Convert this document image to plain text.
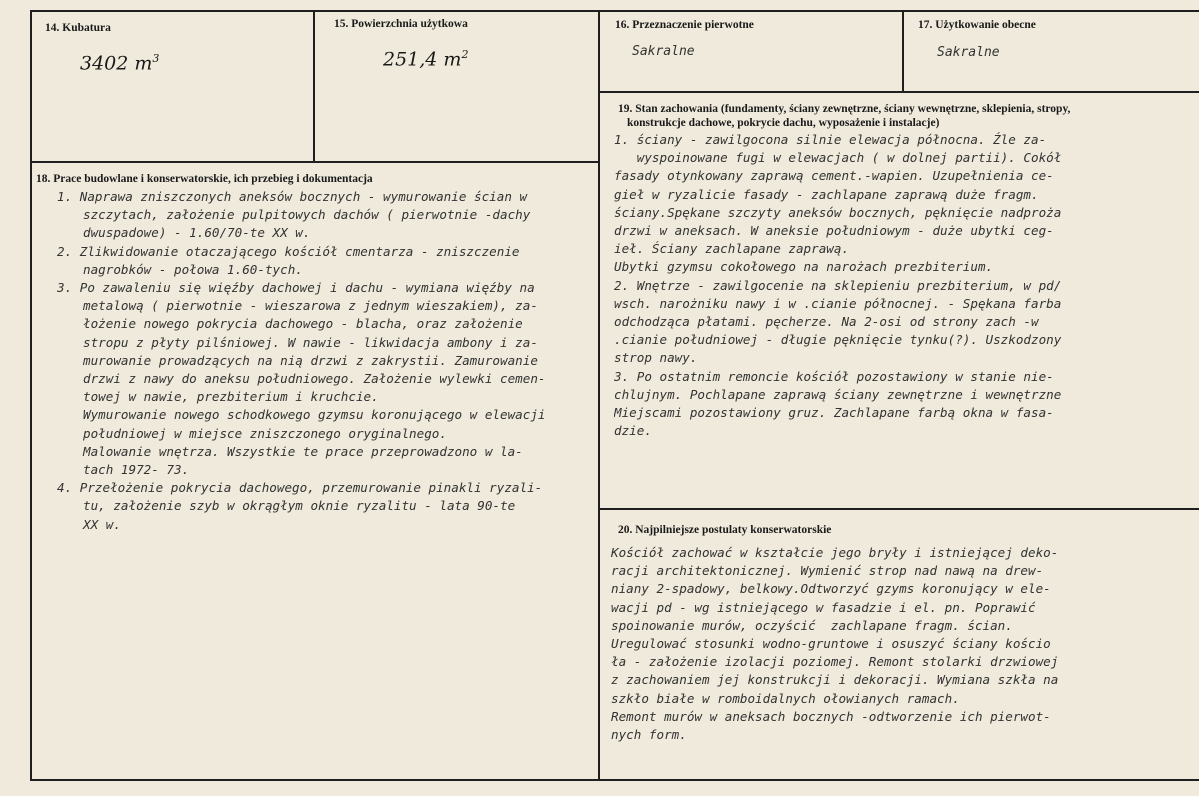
14. Kubatura
3402 $m^3$
15. Powierzchnia użytkowa
251,4 $m^2$
16. Przeznaczenie pierwotne
Sakralne
17. Użytkowanie obecne
Sakralne
18. Prace budowlane i konserwatorskie, ich przebieg i dokumentacja
1. Naprawa zniszczonych aneksów bocznych - wymurowanie ścian w
szczytach, założenie pulpitowych dachów ( pierwotnie -dachy
dwuspadowe) - 1.60/70-te XX w.
2. Zlikwidowanie otaczającego kościół cmentarza - zniszczenie
nagrobków - połowa 1.60-tych.
3. Po zawaleniu się więźby dachowej i dachu - wymiana więźby na
metalową ( pierwotnie - wieszarowa z jednym wieszakiem), za-
łożenie nowego pokrycia dachowego - blacha, oraz założenie
stropu z płyty pilśniowej. W nawie - likwidacja ambony i za-
murowanie prowadzących na nią drzwi z zakrystii. Zamurowanie
drzwi z nawy do aneksu południowego. Założenie wylewki cemen-
towej w nawie, prezbiterium i kruchcie.
Wymurowanie nowego schodkowego gzymsu koronującego w elewacji
południowej w miejsce zniszczonego oryginalnego.
Malowanie wnętrza. Wszystkie te prace przeprowadzono w la-
tach 1972- 73.
4. Przełożenie pokrycia dachowego, przemurowanie pinakli ryzali-
tu, założenie szyb w okrągłym oknie ryzalitu - lata 90-te
XX w.
19. Stan zachowania (fundamenty, ściany zewnętrzne, ściany wewnętrzne, sklepienia, stropy,
konstrukcje dachowe, pokrycie dachu, wyposażenie i instalacje)
1. ściany - zawilgocona silnie elewacja północna. Źle za-
wyspoinowane fugi w elewacjach ( w dolnej partii). Cokół
fasady otynkowany zaprawą cement.-wapien. Uzupełnienia ce-
gieł w ryzalicie fasady - zachlapane zaprawą duże fragm.
ściany.Spękane szczyty aneksów bocznych, pęknięcie nadproża
drzwi w aneksach. W aneksie południowym - duże ubytki ceg-
ieł. Ściany zachlapane zaprawą.
Ubytki gzymsu cokołowego na narożach prezbiterium.
2. Wnętrze - zawilgocenie na sklepieniu prezbiterium, w pd/
wsch. narożniku nawy i w .cianie północnej. - Spękana farba
odchodząca płatami. pęcherze. Na 2-osi od strony zach -w
.cianie południowej - długie pęknięcie tynku(?). Uszkodzony
strop nawy.
3. Po ostatnim remoncie kościół pozostawiony w stanie nie-
chlujnym. Pochlapane zaprawą ściany zewnętrzne i wewnętrzne
Miejscami pozostawiony gruz. Zachlapane farbą okna w fasa-
dzie.
20. Najpilniejsze postulaty konserwatorskie
Kościół zachować w kształcie jego bryły i istniejącej deko-
racji architektonicznej. Wymienić strop nad nawą na drew-
niany 2-spadowy, belkowy.Odtworzyć gzyms koronujący w ele-
wacji pd - wg istniejącego w fasadzie i el. pn. Poprawić
spoinowanie murów, oczyścić  zachlapane fragm. ścian.
Uregulować stosunki wodno-gruntowe i osuszyć ściany kościo
ła - założenie izolacji poziomej. Remont stolarki drzwiowej
z zachowaniem jej konstrukcji i dekoracji. Wymiana szkła na
szkło białe w romboidalnych ołowianych ramach.
Remont murów w aneksach bocznych -odtworzenie ich pierwot-
nych form.
